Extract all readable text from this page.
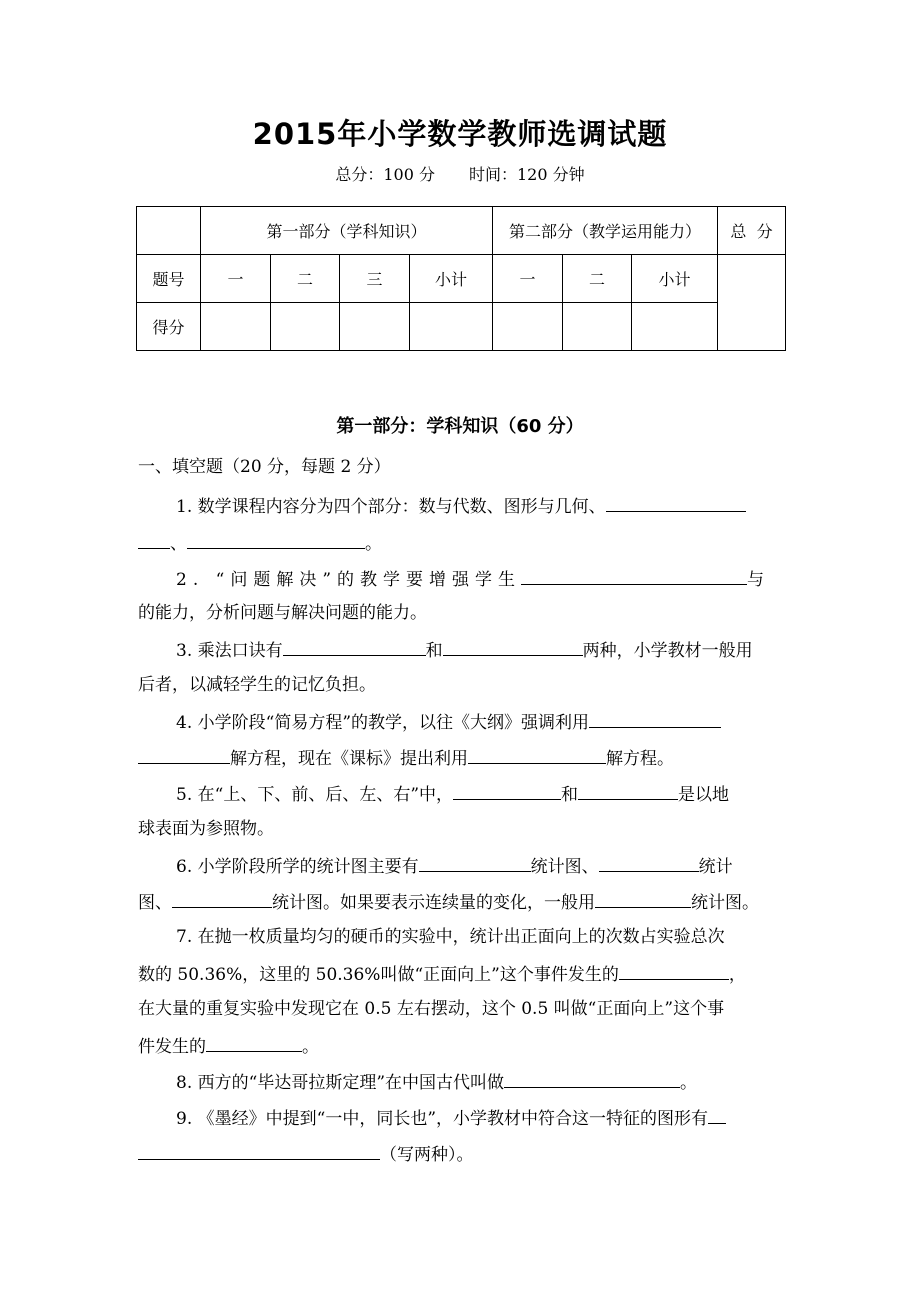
2015年小学数学教师选调试题
总分：100 分 时间：120 分钟
	第一部分（学科知识）				第二部分（教学运用能力）			总  分
题号	一	二	三	小计	一	二	小计	
得分								
第一部分：学科知识（60 分）
一、填空题（20 分，每题 2 分）
1. 数学课程内容分为四个部分：数与代数、图形与几何、
、	。
2. “问题解决”的教学要增强学生	与
的能力，分析问题与解决问题的能力。
3. 乘法口诀有	和	两种，小学教材一般用
后者，以减轻学生的记忆负担。
4. 小学阶段“简易方程”的教学，以往《大纲》强调利用
解方程，现在《课标》提出利用	解方程。
5. 在“上、下、前、后、左、右”中，	和	是以地
球表面为参照物。
6. 小学阶段所学的统计图主要有	统计图、	统计
图、	统计图。如果要表示连续量的变化，一般用	统计图。
7. 在抛一枚质量均匀的硬币的实验中，统计出正面向上的次数占实验总次
数的 50.36%，这里的 50.36%叫做“正面向上”这个事件发生的	，
在大量的重复实验中发现它在 0.5 左右摆动，这个 0.5 叫做“正面向上”这个事
件发生的	。
8. 西方的“毕达哥拉斯定理”在中国古代叫做	。
9. 《墨经》中提到“一中，同长也”，小学教材中符合这一特征的图形有
（写两种）。
